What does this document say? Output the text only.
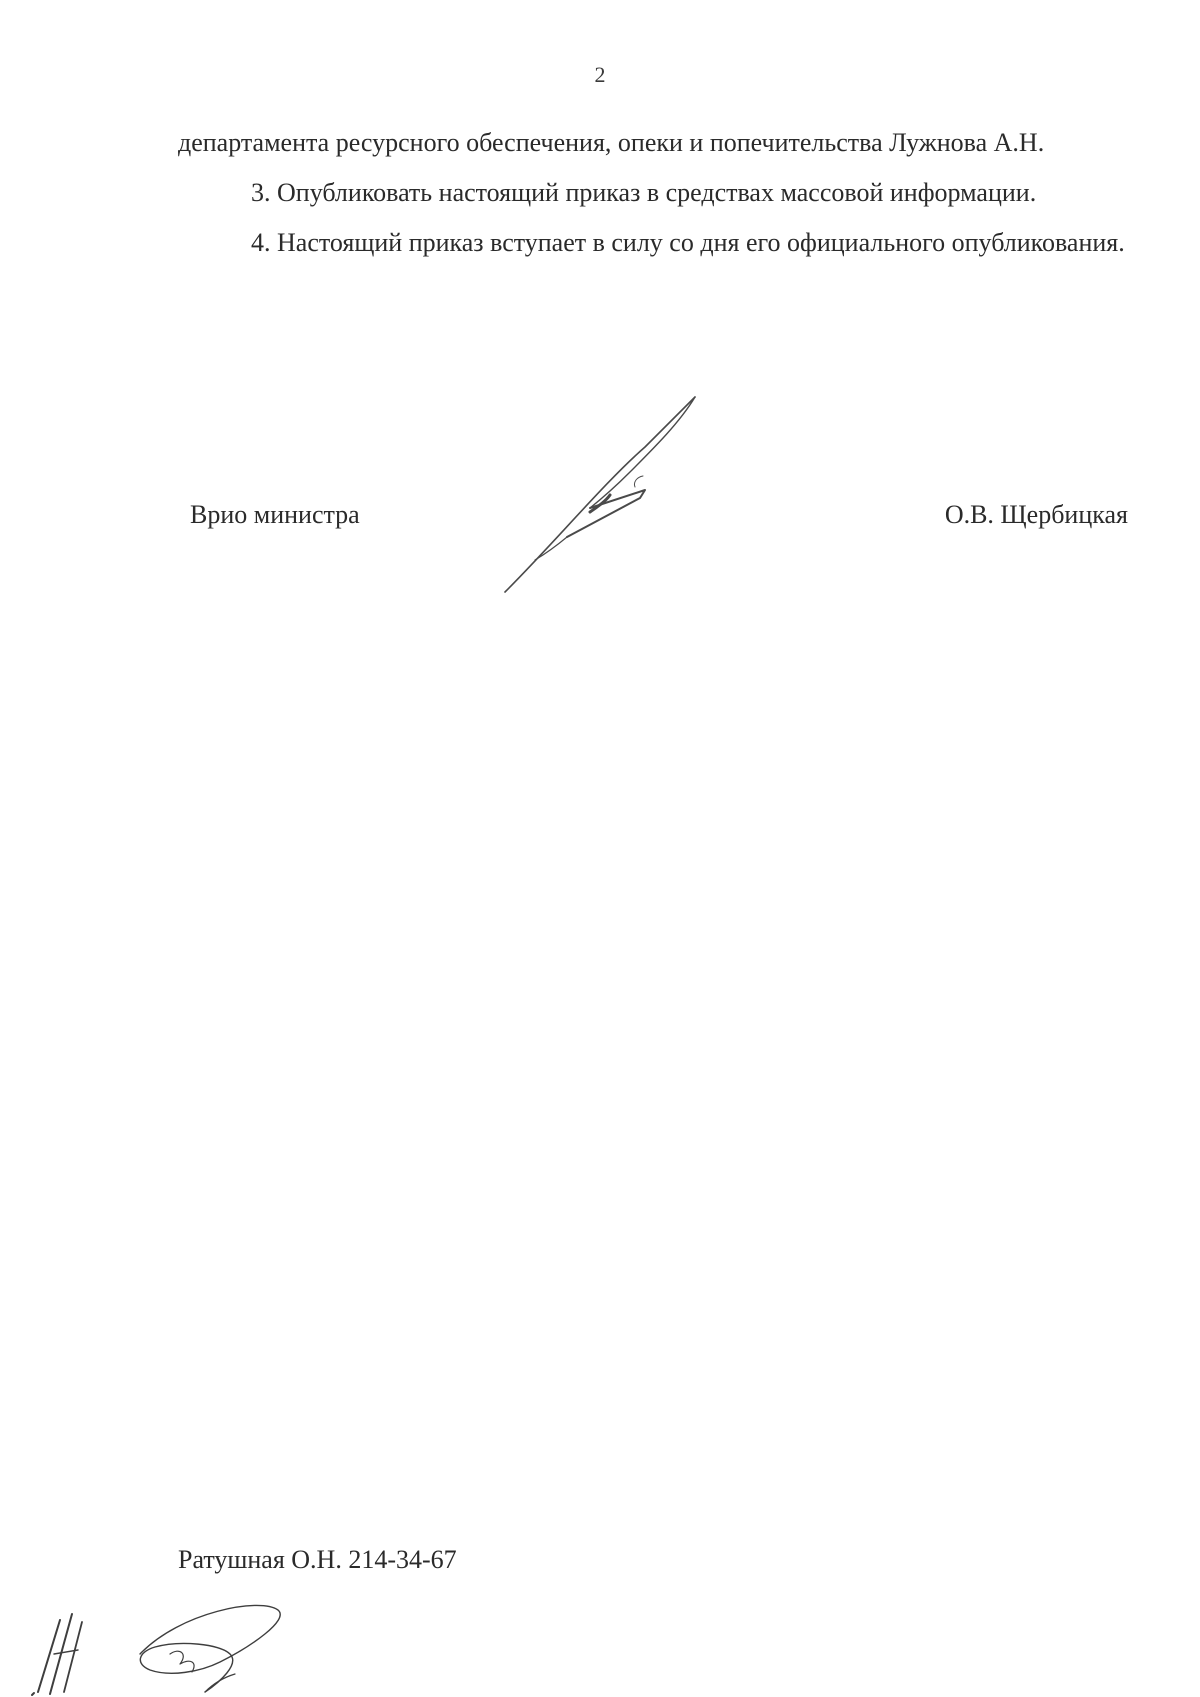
2

департамента ресурсного обеспечения, опеки и попечительства Лужнова А.Н.

3. Опубликовать настоящий приказ в средствах массовой информации.

4. Настоящий приказ вступает в силу со дня его официального опубликования.

Врио министра	О.В. Щербицкая
Ратушная О.Н. 214-34-67
